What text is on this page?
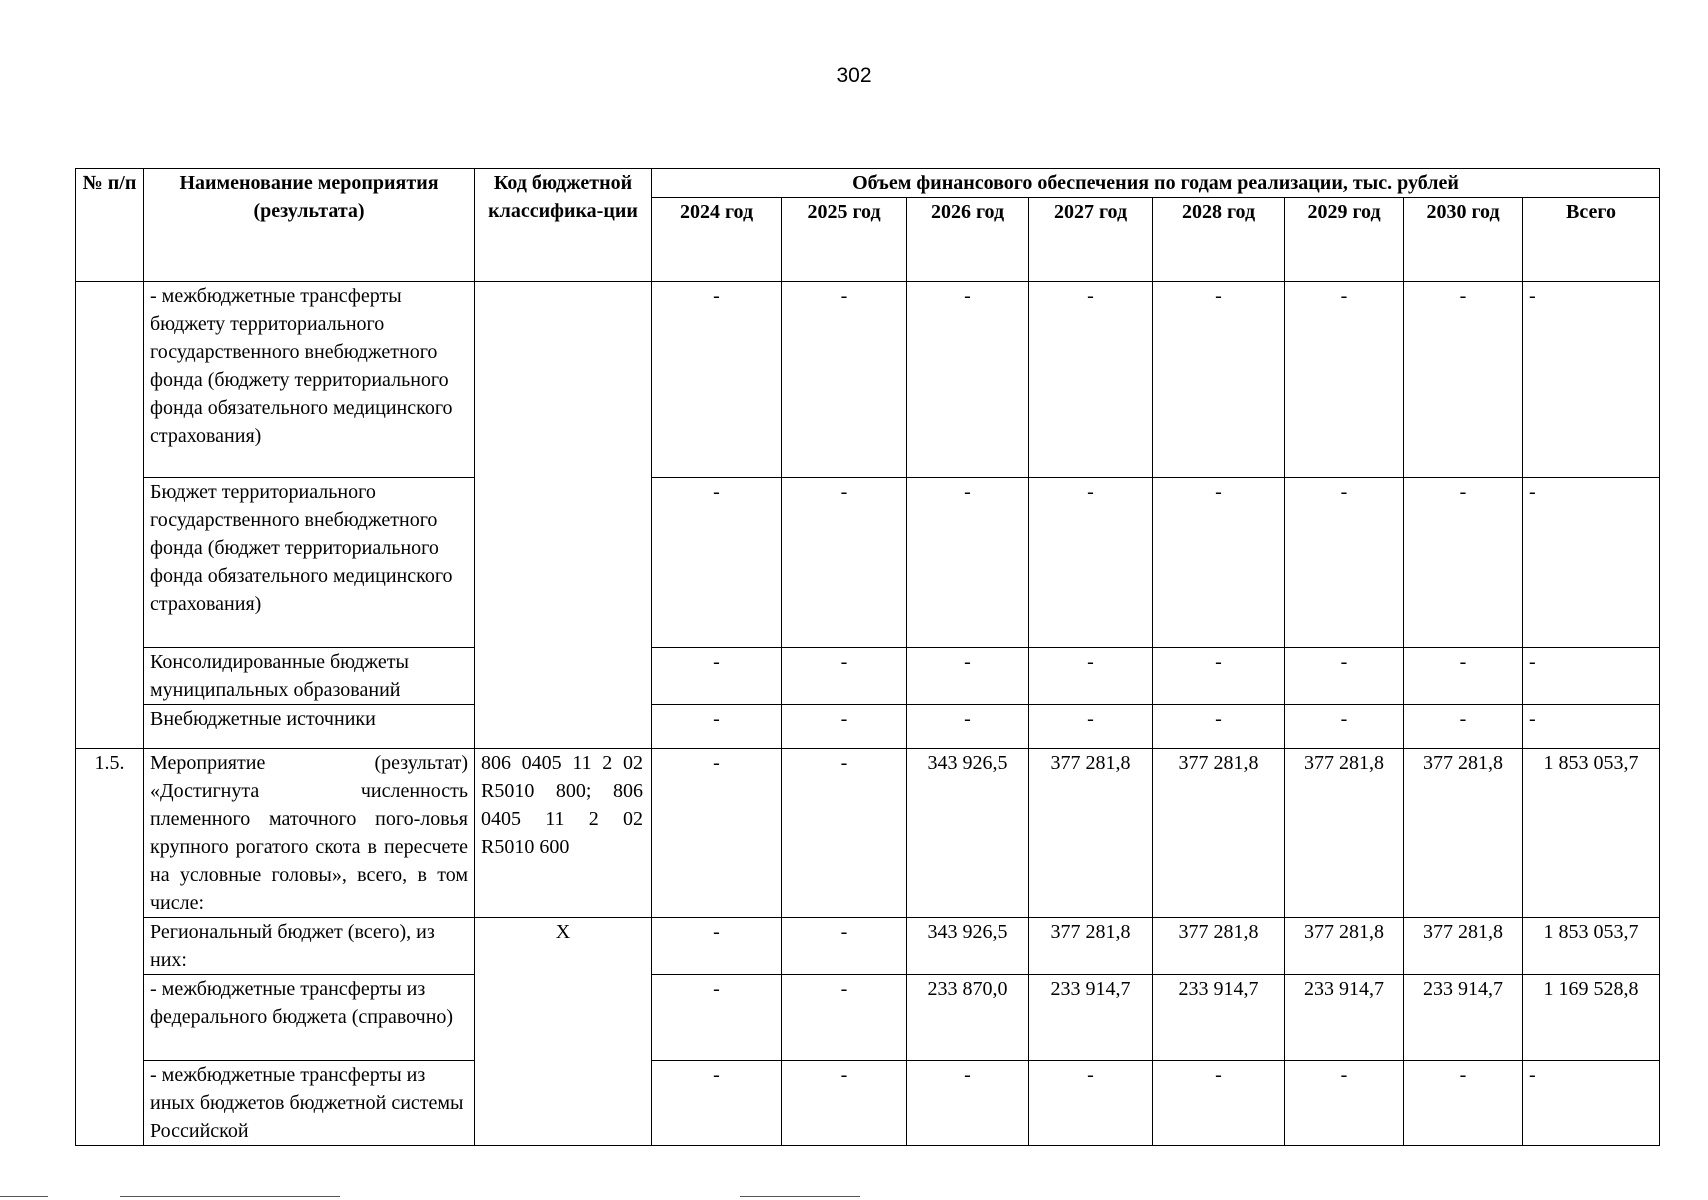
302
№ п/п	Наименование мероприятия (результата)	Код бюджетной классифика-ции	Объем финансового обеспечения по годам реализации, тыс. рублей							
			2024 год	2025 год	2026 год	2027 год	2028 год	2029 год	2030 год	Всего
	- межбюджетные трансферты бюджету территориального государственного внебюджетного фонда (бюджету территориального фонда обязательного медицинского страхования)		-	-	-	-	-	-	-	-
	Бюджет территориального государственного внебюджетного фонда (бюджет территориального фонда обязательного медицинского страхования)		-	-	-	-	-	-	-	-
	Консолидированные бюджеты муниципальных образований		-	-	-	-	-	-	-	-
	Внебюджетные источники		-	-	-	-	-	-	-	-
1.5.	Мероприятие (результат) «Достигнута численность племенного маточного пого-ловья крупного рогатого скота в пересчете на условные головы», всего, в том числе:	806 0405 11 2 02 R5010 800; 806 0405 11 2 02 R5010 600	-	-	343 926,5	377 281,8	377 281,8	377 281,8	377 281,8	1 853 053,7
	Региональный бюджет (всего), из них:	Х	-	-	343 926,5	377 281,8	377 281,8	377 281,8	377 281,8	1 853 053,7
	- межбюджетные трансферты из федерального бюджета (справочно)		-	-	233 870,0	233 914,7	233 914,7	233 914,7	233 914,7	1 169 528,8
	- межбюджетные трансферты из иных бюджетов бюджетной системы Российской		-	-	-	-	-	-	-	-
